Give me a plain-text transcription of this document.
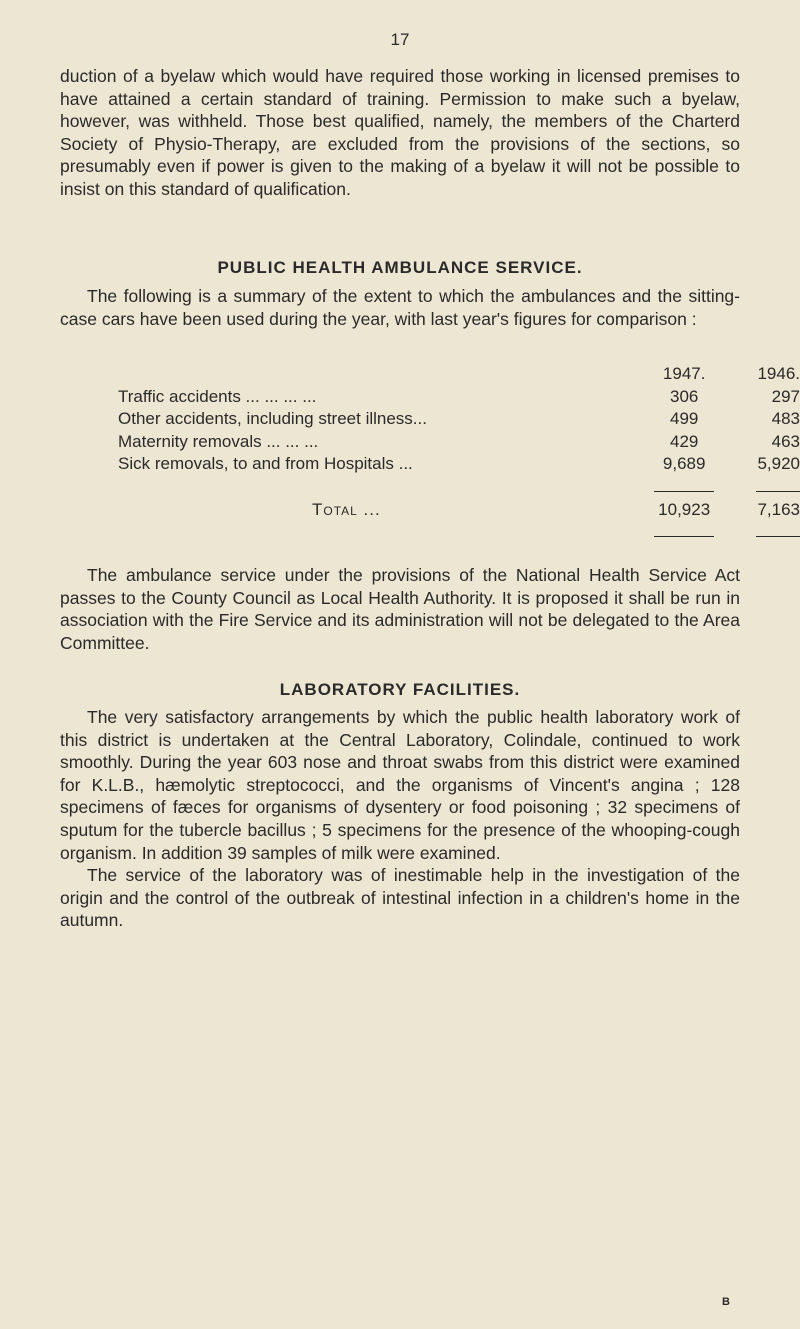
17

duction of a byelaw which would have required those working in licensed premises to have attained a certain standard of training. Permission to make such a byelaw, however, was withheld. Those best qualified, namely, the members of the Charterd Society of Physio-Therapy, are excluded from the provisions of the sections, so presumably even if power is given to the making of a byelaw it will not be possible to insist on this standard of qualification.

PUBLIC HEALTH AMBULANCE SERVICE.

The following is a summary of the extent to which the ambulances and the sitting-case cars have been used during the year, with last year's figures for comparison :

	1947.	1946.
Traffic accidents ... ... ... ...	306	297
Other accidents, including street illness...	499	483
Maternity removals ... ... ...	429	463
Sick removals, to and from Hospitals ...	9,689	5,920

Total ...	10,923	7,163

The ambulance service under the provisions of the National Health Service Act passes to the County Council as Local Health Authority. It is proposed it shall be run in association with the Fire Service and its administration will not be delegated to the Area Committee.

LABORATORY FACILITIES.

The very satisfactory arrangements by which the public health laboratory work of this district is undertaken at the Central Laboratory, Colindale, continued to work smoothly. During the year 603 nose and throat swabs from this district were examined for K.L.B., hæmolytic streptococci, and the organisms of Vincent's angina ; 128 specimens of fæces for organisms of dysentery or food poisoning ; 32 specimens of sputum for the tubercle bacillus ; 5 specimens for the presence of the whooping-cough organism. In addition 39 samples of milk were examined.

The service of the laboratory was of inestimable help in the investigation of the origin and the control of the outbreak of intestinal infection in a children's home in the autumn.

B
